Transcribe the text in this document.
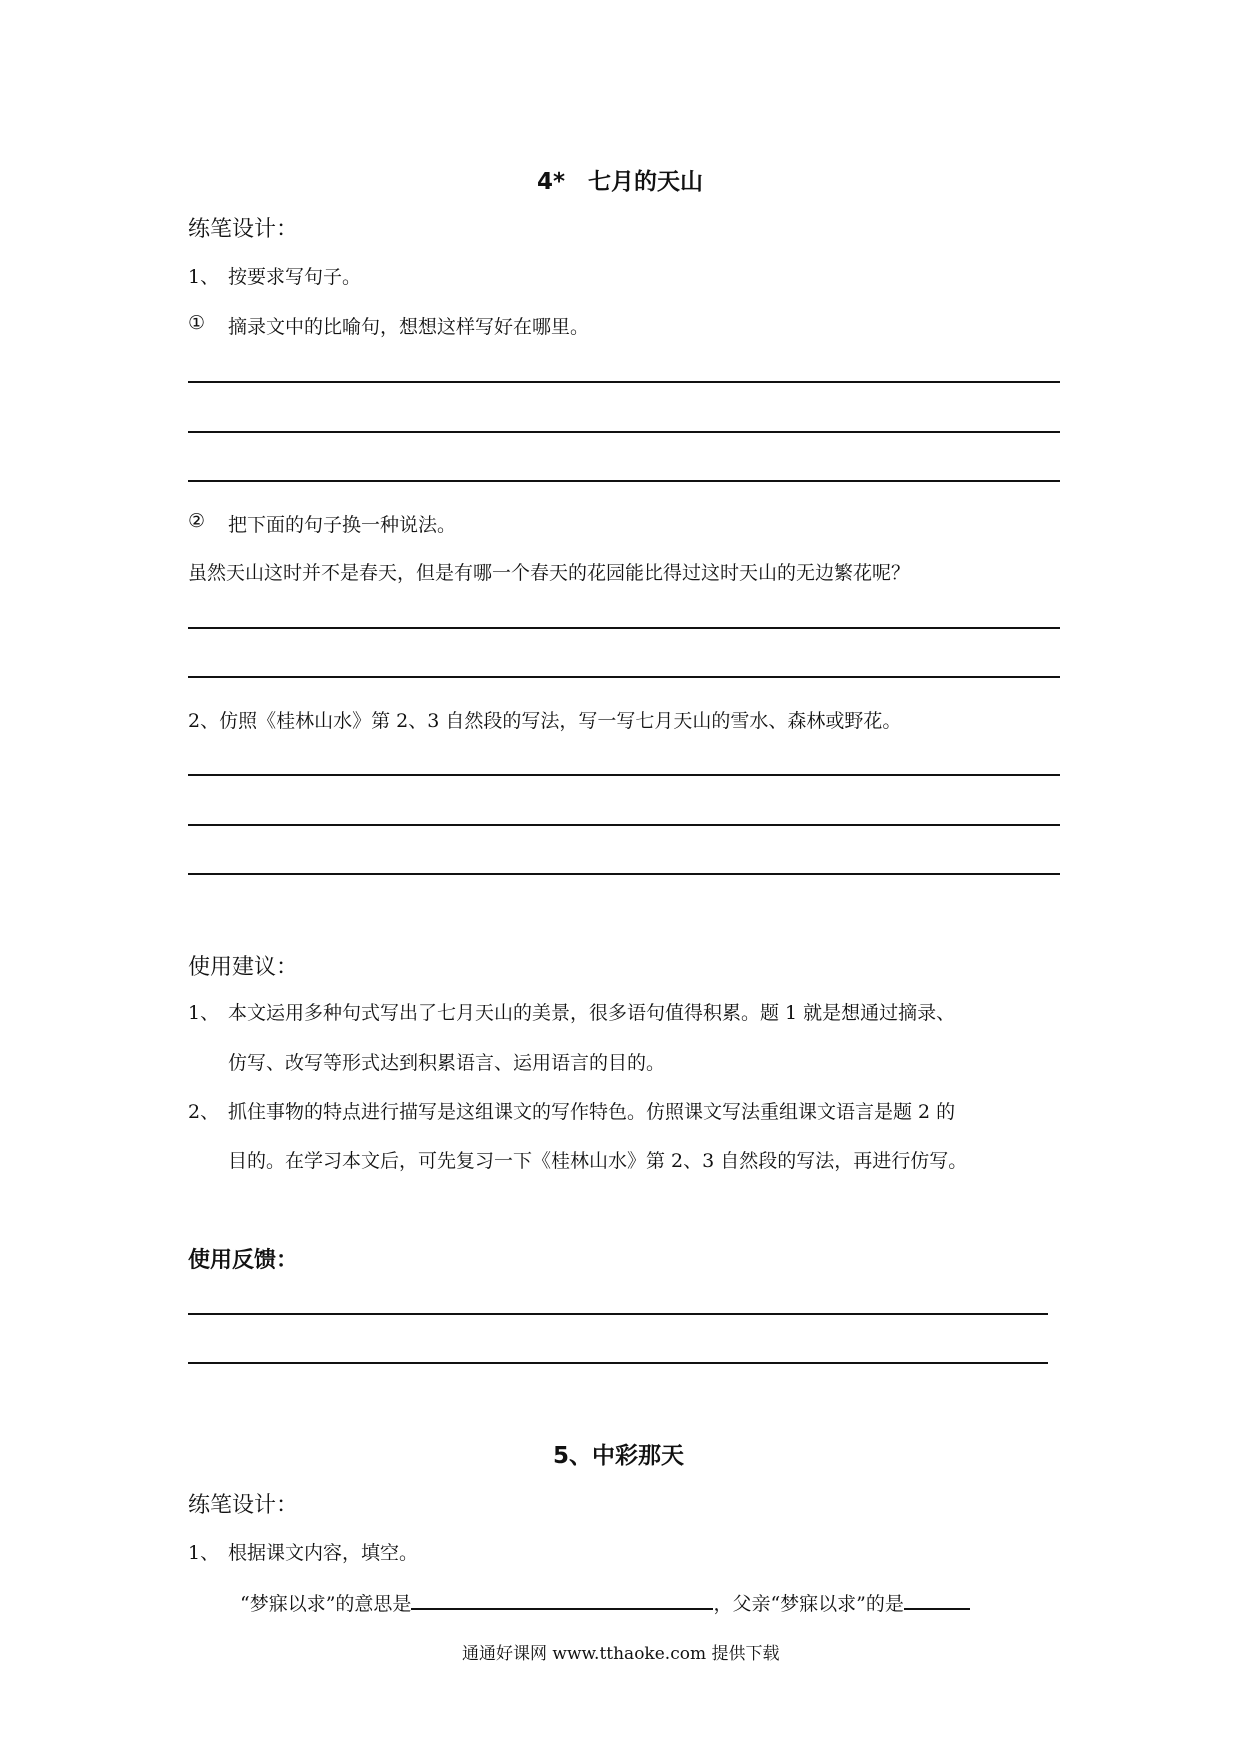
4*　七月的天山
练笔设计：
1、 按要求写句子。
① 摘录文中的比喻句，想想这样写好在哪里。
② 把下面的句子换一种说法。
虽然天山这时并不是春天，但是有哪一个春天的花园能比得过这时天山的无边繁花呢？
2、仿照《桂林山水》第 2、3 自然段的写法，写一写七月天山的雪水、森林或野花。
使用建议：
1、 本文运用多种句式写出了七月天山的美景，很多语句值得积累。题 1 就是想通过摘录、
仿写、改写等形式达到积累语言、运用语言的目的。
2、 抓住事物的特点进行描写是这组课文的写作特色。仿照课文写法重组课文语言是题 2 的
目的。在学习本文后，可先复习一下《桂林山水》第 2、3 自然段的写法，再进行仿写。
使用反馈：
5、中彩那天
练笔设计：
1、 根据课文内容，填空。
“梦寐以求”的意思是	，父亲“梦寐以求”的是
通通好课网 www.tthaoke.com 提供下载
